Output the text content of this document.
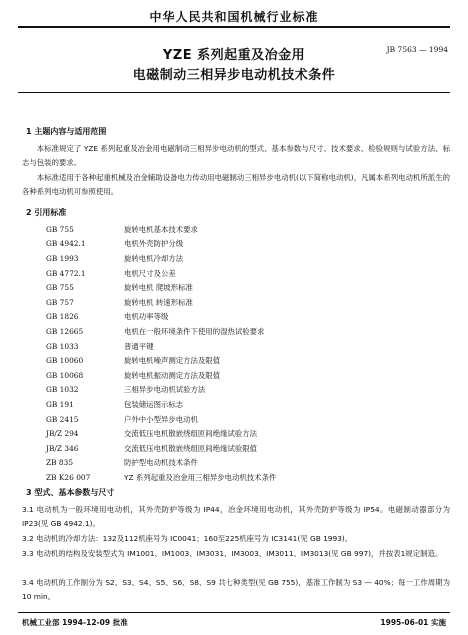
中华人民共和国机械行业标准
YZE 系列起重及冶金用	JB 7563 — 1994
电磁制动三相异步电动机技术条件
1 主题内容与适用范围
本标准规定了 YZE 系列起重及冶金用电磁制动三相异步电动机的型式、基本参数与尺寸、技术要求、检验规则与试验方法、标志与包装的要求。
本标准适用于各种起重机械及冶金辅助设备电力传动用电磁制动三相异步电动机(以下简称电动机)，凡属本系列电动机所派生的各种系列电动机可参照使用。
2 引用标准
GB 755	旋转电机基本技术要求
GB 4942.1	电机外壳防护分级
GB 1993	旋转电机冷却方法
GB 4772.1	电机尺寸及公差
GB 755	旋转电机 爬坡形标准
GB 757	旋转电机 转速形标准
GB 1826	电机功率等级
GB 12665	电机在一般环境条件下使用的湿热试验要求
GB 1033	普通平键
GB 10060	旋转电机噪声测定方法及限值
GB 10068	旋转电机振动测定方法及限值
GB 1032	三相异步电动机试验方法
GB 191	包装储运图示标志
GB 2415	户外中小型异步电动机
JB/Z 294	交流低压电机散嵌绕组匝间绝缘试验方法
JB/Z 346	交流低压电机散嵌绕组匝间绝缘试验限值
ZB 835	防护型电动机技术条件
ZB K26 007	YZ 系列起重及冶金用三相异步电动机技术条件
3 型式、基本参数与尺寸
3.1 电动机为一般环境用电动机，其外壳防护等级为 IP44，冶金环境用电动机，其外壳防护等级为 IP54。电磁制动器部分为 IP23(见 GB 4942.1)。
3.2 电动机的冷却方法：132及112机座号为 IC0041；160至225机座号为 IC3141(见 GB 1993)。
3.3 电动机的结构及安装型式为 IM1001、IM1003、IM3031、IM3003、IM3011、IM3013(见 GB 997)，并按表1规定制造。
3.4 电动机的工作制分为 S2、S3、S4、S5、S6、S8、S9 共七种类型(见 GB 755)，基准工作制为 S3 — 40%；每一工作周期为 10 min。
机械工业部 1994-12-09 批准	1995-06-01 实施
